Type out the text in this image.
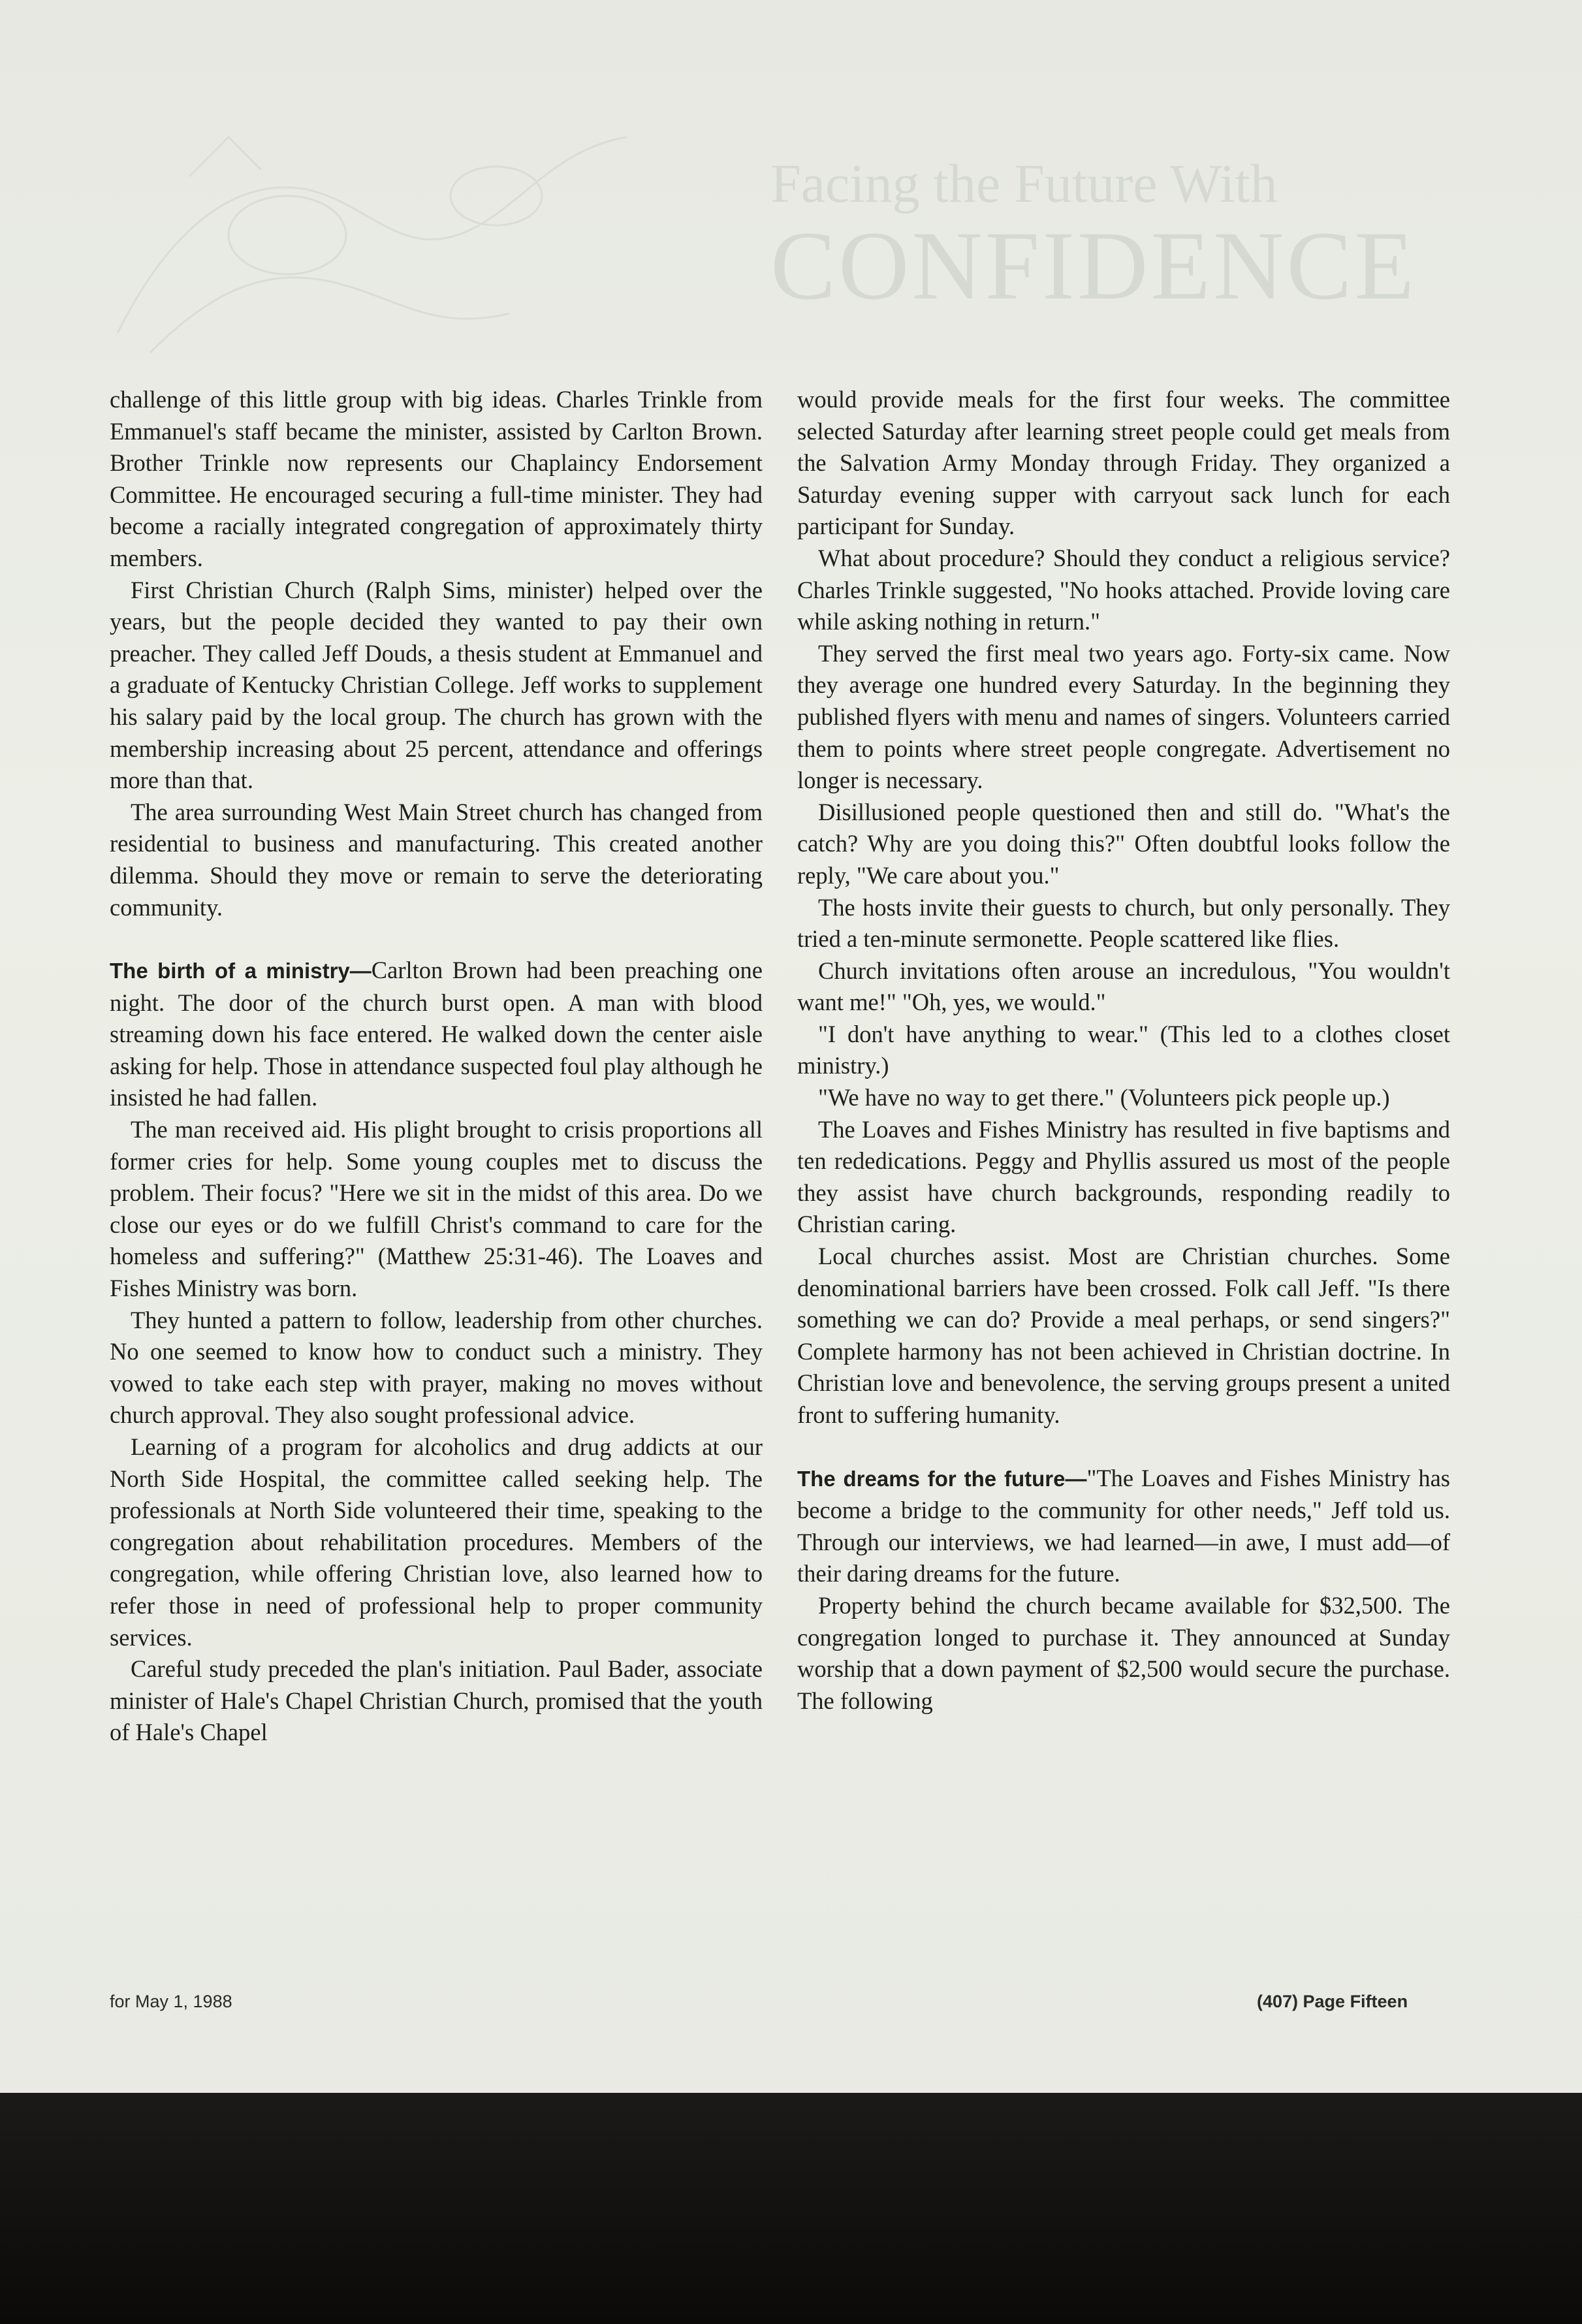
Facing the Future With
CONFIDENCE

challenge of this little group with big ideas. Charles Trinkle from Emmanuel's staff became the minister, assisted by Carlton Brown. Brother Trinkle now represents our Chaplaincy Endorsement Committee. He encouraged securing a full-time minister. They had become a racially integrated congregation of approximately thirty members.

First Christian Church (Ralph Sims, minister) helped over the years, but the people decided they wanted to pay their own preacher. They called Jeff Douds, a thesis student at Emmanuel and a graduate of Kentucky Christian College. Jeff works to supplement his salary paid by the local group. The church has grown with the membership increasing about 25 percent, attendance and offerings more than that.

The area surrounding West Main Street church has changed from residential to business and manufacturing. This created another dilemma. Should they move or remain to serve the deteriorating community.

The birth of a ministry—Carlton Brown had been preaching one night. The door of the church burst open. A man with blood streaming down his face entered. He walked down the center aisle asking for help. Those in attendance suspected foul play although he insisted he had fallen.

The man received aid. His plight brought to crisis proportions all former cries for help. Some young couples met to discuss the problem. Their focus? "Here we sit in the midst of this area. Do we close our eyes or do we fulfill Christ's command to care for the homeless and suffering?" (Matthew 25:31-46). The Loaves and Fishes Ministry was born.

They hunted a pattern to follow, leadership from other churches. No one seemed to know how to conduct such a ministry. They vowed to take each step with prayer, making no moves without church approval. They also sought professional advice.

Learning of a program for alcoholics and drug addicts at our North Side Hospital, the committee called seeking help. The professionals at North Side volunteered their time, speaking to the congregation about rehabilitation procedures. Members of the congregation, while offering Christian love, also learned how to refer those in need of professional help to proper community services.

Careful study preceded the plan's initiation. Paul Bader, associate minister of Hale's Chapel Christian Church, promised that the youth of Hale's Chapel

would provide meals for the first four weeks. The committee selected Saturday after learning street people could get meals from the Salvation Army Monday through Friday. They organized a Saturday evening supper with carryout sack lunch for each participant for Sunday.

What about procedure? Should they conduct a religious service? Charles Trinkle suggested, "No hooks attached. Provide loving care while asking nothing in return."

They served the first meal two years ago. Forty-six came. Now they average one hundred every Saturday. In the beginning they published flyers with menu and names of singers. Volunteers carried them to points where street people congregate. Advertisement no longer is necessary.

Disillusioned people questioned then and still do. "What's the catch? Why are you doing this?" Often doubtful looks follow the reply, "We care about you."

The hosts invite their guests to church, but only personally. They tried a ten-minute sermonette. People scattered like flies.

Church invitations often arouse an incredulous, "You wouldn't want me!" "Oh, yes, we would."

"I don't have anything to wear." (This led to a clothes closet ministry.)

"We have no way to get there." (Volunteers pick people up.)

The Loaves and Fishes Ministry has resulted in five baptisms and ten rededications. Peggy and Phyllis assured us most of the people they assist have church backgrounds, responding readily to Christian caring.

Local churches assist. Most are Christian churches. Some denominational barriers have been crossed. Folk call Jeff. "Is there something we can do? Provide a meal perhaps, or send singers?" Complete harmony has not been achieved in Christian doctrine. In Christian love and benevolence, the serving groups present a united front to suffering humanity.

The dreams for the future—"The Loaves and Fishes Ministry has become a bridge to the community for other needs," Jeff told us. Through our interviews, we had learned—in awe, I must add—of their daring dreams for the future.

Property behind the church became available for $32,500. The congregation longed to purchase it. They announced at Sunday worship that a down payment of $2,500 would secure the purchase. The following

for May 1, 1988	(407) Page Fifteen
